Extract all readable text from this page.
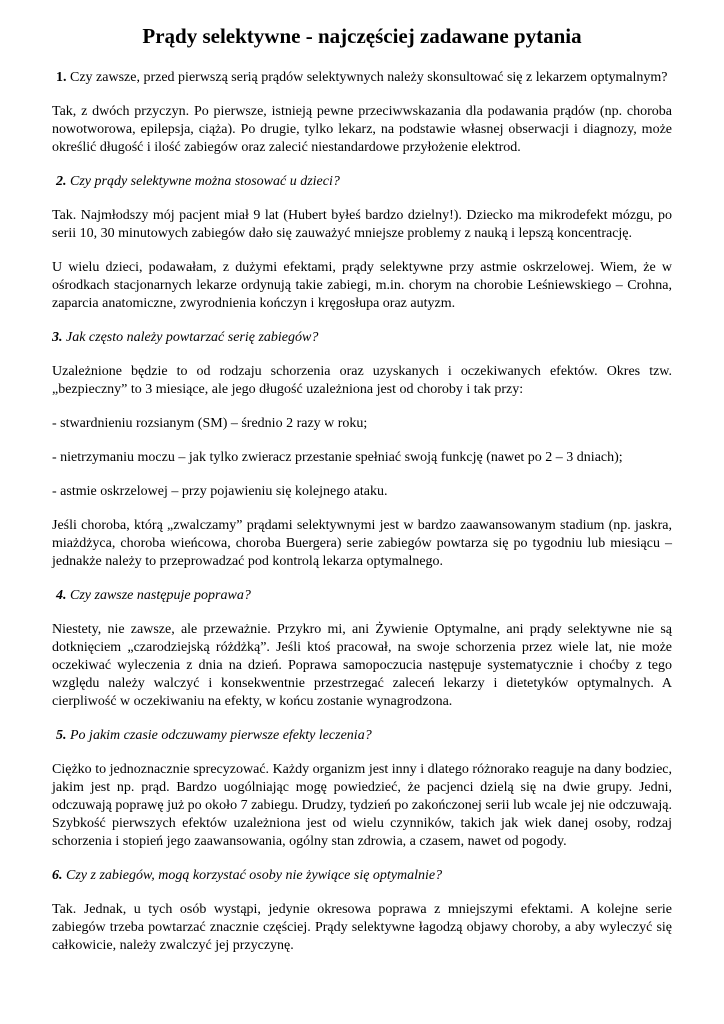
Prądy selektywne - najczęściej zadawane pytania

1. Czy zawsze, przed pierwszą serią prądów selektywnych należy skonsultować się z lekarzem optymalnym?

Tak, z dwóch przyczyn. Po pierwsze, istnieją pewne przeciwwskazania dla podawania prądów (np. choroba nowotworowa, epilepsja, ciąża). Po drugie, tylko lekarz, na podstawie własnej obserwacji i diagnozy, może określić długość i ilość zabiegów oraz zalecić niestandardowe przyłożenie elektrod.

2. Czy prądy selektywne można stosować u dzieci?

Tak. Najmłodszy mój pacjent miał 9 lat (Hubert byłeś bardzo dzielny!). Dziecko ma mikrodefekt mózgu, po serii 10, 30 minutowych zabiegów dało się zauważyć mniejsze problemy z nauką i lepszą koncentrację.

U wielu dzieci, podawałam, z dużymi efektami, prądy selektywne przy astmie oskrzelowej. Wiem, że w ośrodkach stacjonarnych lekarze ordynują takie zabiegi, m.in. chorym na chorobie Leśniewskiego – Crohna, zaparcia anatomiczne, zwyrodnienia kończyn i kręgosłupa oraz autyzm.

3. Jak często należy powtarzać serię zabiegów?

Uzależnione będzie to od rodzaju schorzenia oraz uzyskanych i oczekiwanych efektów. Okres tzw. „bezpieczny” to 3 miesiące, ale jego długość uzależniona jest od choroby i tak przy:

- stwardnieniu rozsianym (SM) – średnio 2 razy w roku;

- nietrzymaniu moczu – jak tylko zwieracz przestanie spełniać swoją funkcję (nawet po 2 – 3 dniach);

- astmie oskrzelowej – przy pojawieniu się kolejnego ataku.

Jeśli choroba, którą „zwalczamy” prądami selektywnymi jest w bardzo zaawansowanym stadium (np. jaskra, miażdżyca, choroba wieńcowa, choroba Buergera) serie zabiegów powtarza się po tygodniu lub miesiącu – jednakże należy to przeprowadzać pod kontrolą lekarza optymalnego.

4. Czy zawsze następuje poprawa?

Niestety, nie zawsze, ale przeważnie. Przykro mi, ani Żywienie Optymalne, ani prądy selektywne nie są dotknięciem „czarodziejską różdżką”. Jeśli ktoś pracował, na swoje schorzenia przez wiele lat, nie może oczekiwać wyleczenia z dnia na dzień. Poprawa samopoczucia następuje systematycznie i choćby z tego względu należy walczyć i konsekwentnie przestrzegać zaleceń lekarzy i dietetyków optymalnych. A cierpliwość w oczekiwaniu na efekty, w końcu zostanie wynagrodzona.

5. Po jakim czasie odczuwamy pierwsze efekty leczenia?

Ciężko to jednoznacznie sprecyzować. Każdy organizm jest inny i dlatego różnorako reaguje na dany bodziec, jakim jest np. prąd. Bardzo uogólniając mogę powiedzieć, że pacjenci dzielą się na dwie grupy. Jedni, odczuwają poprawę już po około 7 zabiegu. Drudzy, tydzień po zakończonej serii lub wcale jej nie odczuwają. Szybkość pierwszych efektów uzależniona jest od wielu czynników, takich jak wiek danej osoby, rodzaj schorzenia i stopień jego zaawansowania, ogólny stan zdrowia, a czasem, nawet od pogody.

6. Czy z zabiegów, mogą korzystać osoby nie żywiące się optymalnie?

Tak. Jednak, u tych osób wystąpi, jedynie okresowa poprawa z mniejszymi efektami. A kolejne serie zabiegów trzeba powtarzać znacznie częściej. Prądy selektywne łagodzą objawy choroby, a aby wyleczyć się całkowicie, należy zwalczyć jej przyczynę.
